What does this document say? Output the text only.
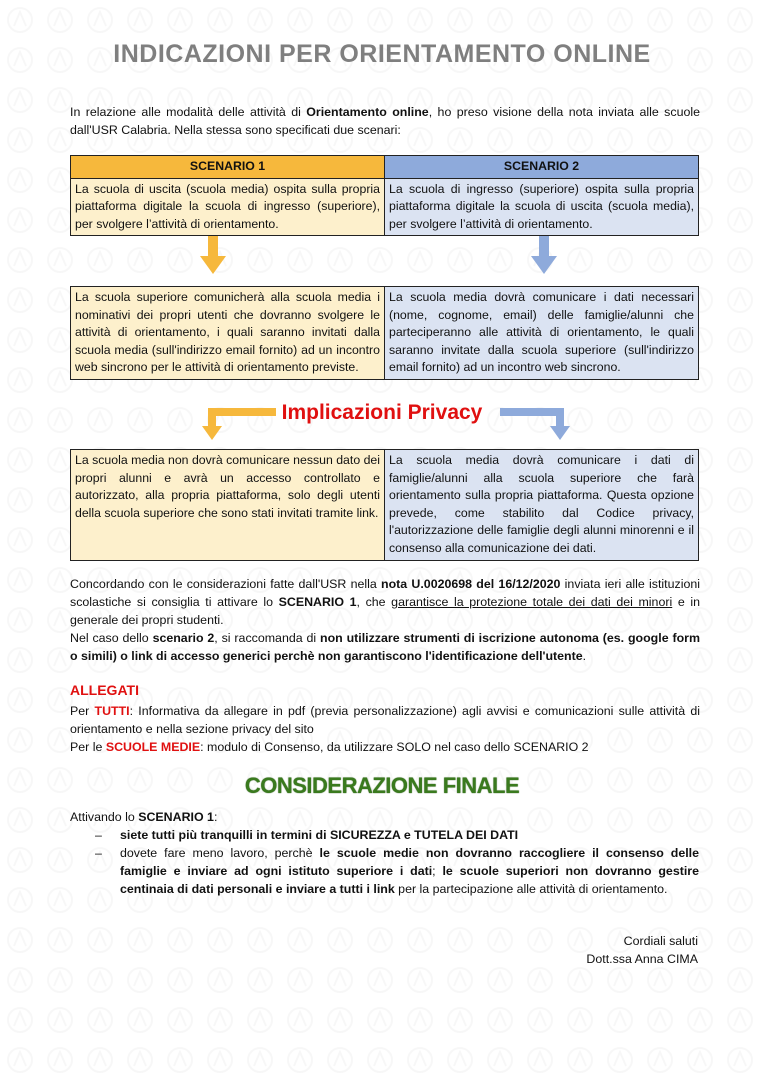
INDICAZIONI PER ORIENTAMENTO ONLINE
In relazione alle modalità delle attività di Orientamento online, ho preso visione della nota inviata alle scuole dall'USR Calabria. Nella stessa sono specificati due scenari:
SCENARIO 1	SCENARIO 2
La scuola di uscita (scuola media) ospita sulla propria piattaforma digitale la scuola di ingresso (superiore), per svolgere l’attività di orientamento.	La scuola di ingresso (superiore) ospita sulla propria piattaforma digitale la scuola di uscita (scuola media), per svolgere l’attività di orientamento.
La scuola superiore comunicherà alla scuola media i nominativi dei propri utenti che dovranno svolgere le attività di orientamento, i quali saranno invitati dalla scuola media (sull'indirizzo email fornito) ad un incontro web sincrono per le attività di orientamento previste.	La scuola media dovrà comunicare i dati necessari (nome, cognome, email) delle famiglie/alunni che parteciperanno alle attività di orientamento, le quali saranno invitate dalla scuola superiore (sull'indirizzo email fornito) ad un incontro web sincrono.
Implicazioni Privacy
La scuola media non dovrà comunicare nessun dato dei propri alunni e avrà un accesso controllato e autorizzato, alla propria piattaforma, solo degli utenti della scuola superiore che sono stati invitati tramite link.	La scuola media dovrà comunicare i dati di famiglie/alunni alla scuola superiore che farà orientamento sulla propria piattaforma. Questa opzione prevede, come stabilito dal Codice privacy, l'autorizzazione delle famiglie degli alunni minorenni e il consenso alla comunicazione dei dati.
Concordando con le considerazioni fatte dall'USR nella nota U.0020698 del 16/12/2020 inviata ieri alle istituzioni scolastiche si consiglia ti attivare lo SCENARIO 1, che garantisce la protezione totale dei dati dei minori e in generale dei propri studenti.
Nel caso dello scenario 2, si raccomanda di non utilizzare strumenti di iscrizione autonoma (es. google form o simili) o link di accesso generici perchè non garantiscono l'identificazione dell'utente.
ALLEGATI
Per TUTTI: Informativa da allegare in pdf (previa personalizzazione) agli avvisi e comunicazioni sulle attività di orientamento e nella sezione privacy del sito
Per le SCUOLE MEDIE: modulo di Consenso, da utilizzare SOLO nel caso dello SCENARIO 2
CONSIDERAZIONE FINALE
Attivando lo SCENARIO 1:
– siete tutti più tranquilli in termini di SICUREZZA e TUTELA DEI DATI
– dovete fare meno lavoro, perchè le scuole medie non dovranno raccogliere il consenso delle famiglie e inviare ad ogni istituto superiore i dati; le scuole superiori non dovranno gestire centinaia di dati personali e inviare a tutti i link per la partecipazione alle attività di orientamento.
Cordiali saluti
Dott.ssa Anna CIMA
